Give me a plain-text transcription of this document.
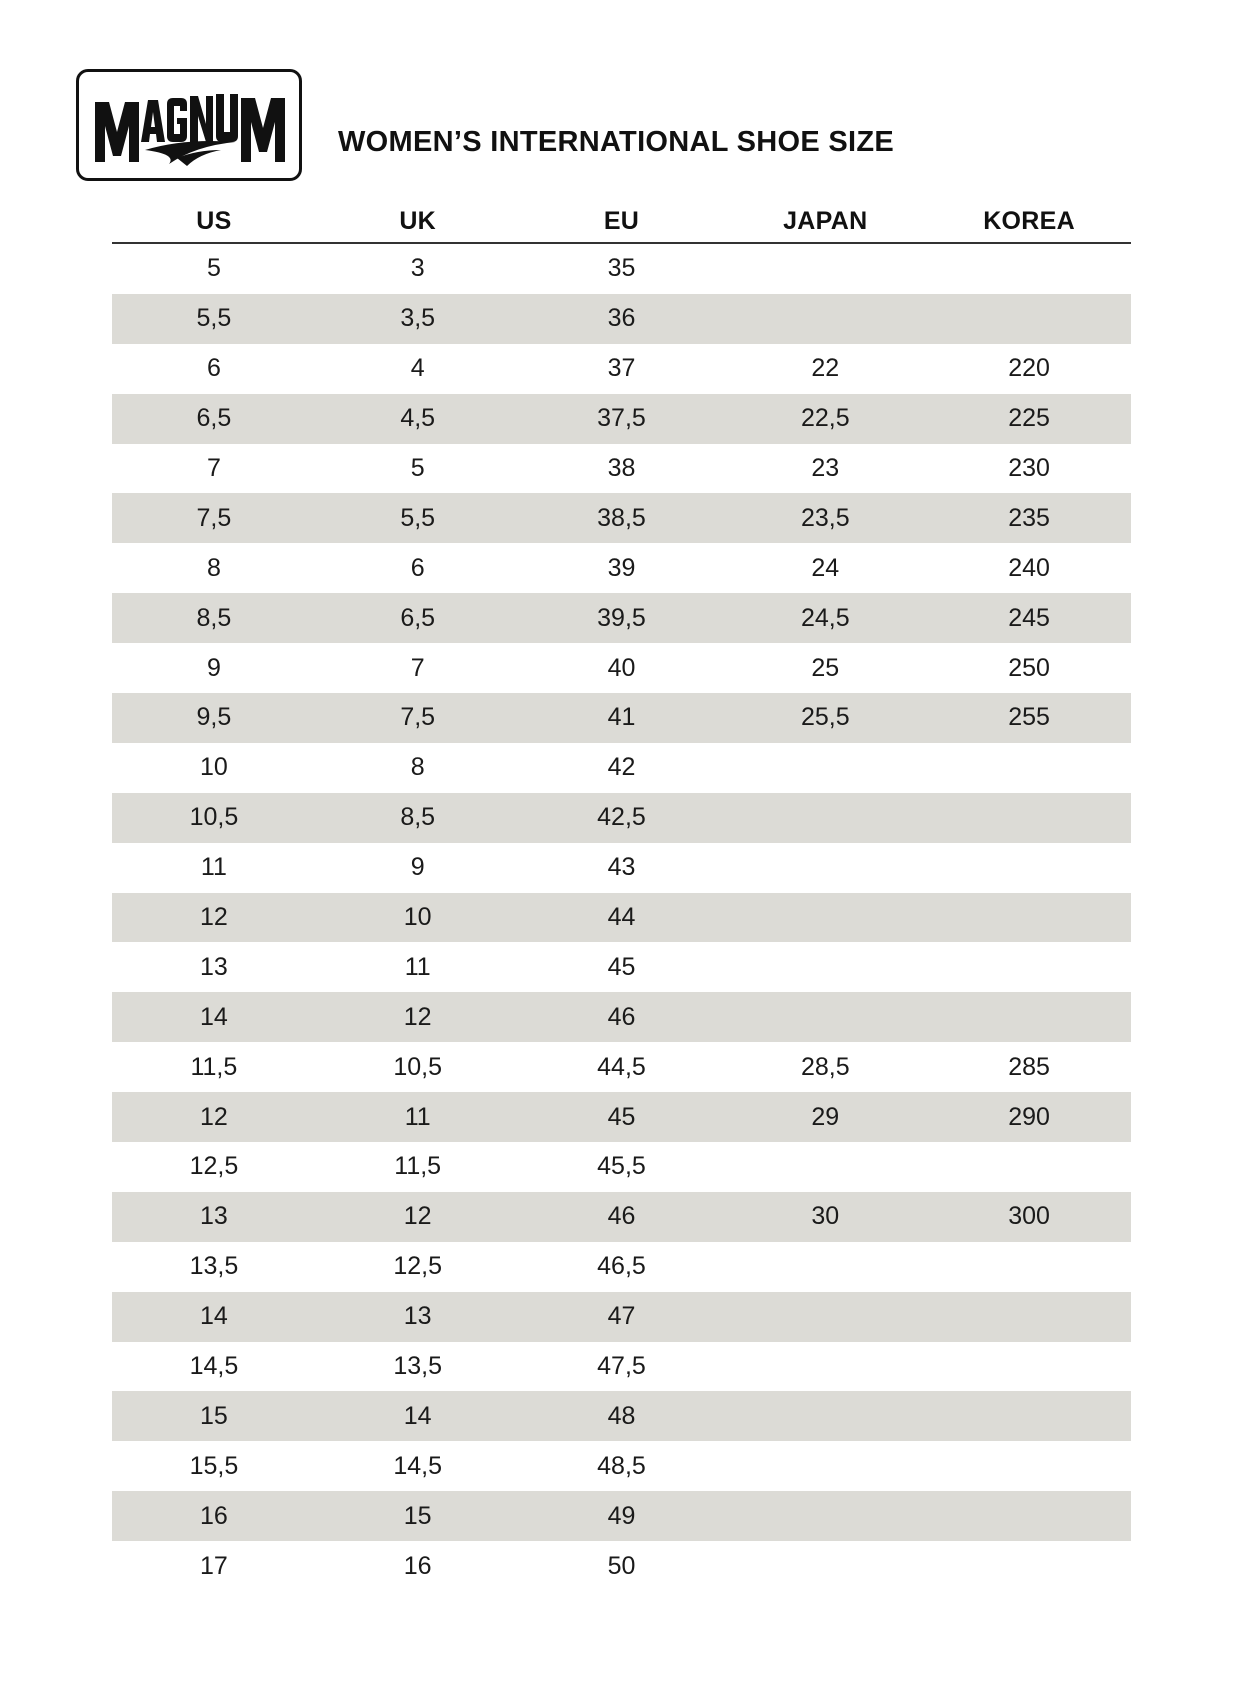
WOMEN’S INTERNATIONAL SHOE SIZE
US	UK	EU	JAPAN	KOREA
5	3	35
5,5	3,5	36
6	4	37	22	220
6,5	4,5	37,5	22,5	225
7	5	38	23	230
7,5	5,5	38,5	23,5	235
8	6	39	24	240
8,5	6,5	39,5	24,5	245
9	7	40	25	250
9,5	7,5	41	25,5	255
10	8	42
10,5	8,5	42,5
11	9	43
12	10	44
13	11	45
14	12	46
11,5	10,5	44,5	28,5	285
12	11	45	29	290
12,5	11,5	45,5
13	12	46	30	300
13,5	12,5	46,5
14	13	47
14,5	13,5	47,5
15	14	48
15,5	14,5	48,5
16	15	49
17	16	50
